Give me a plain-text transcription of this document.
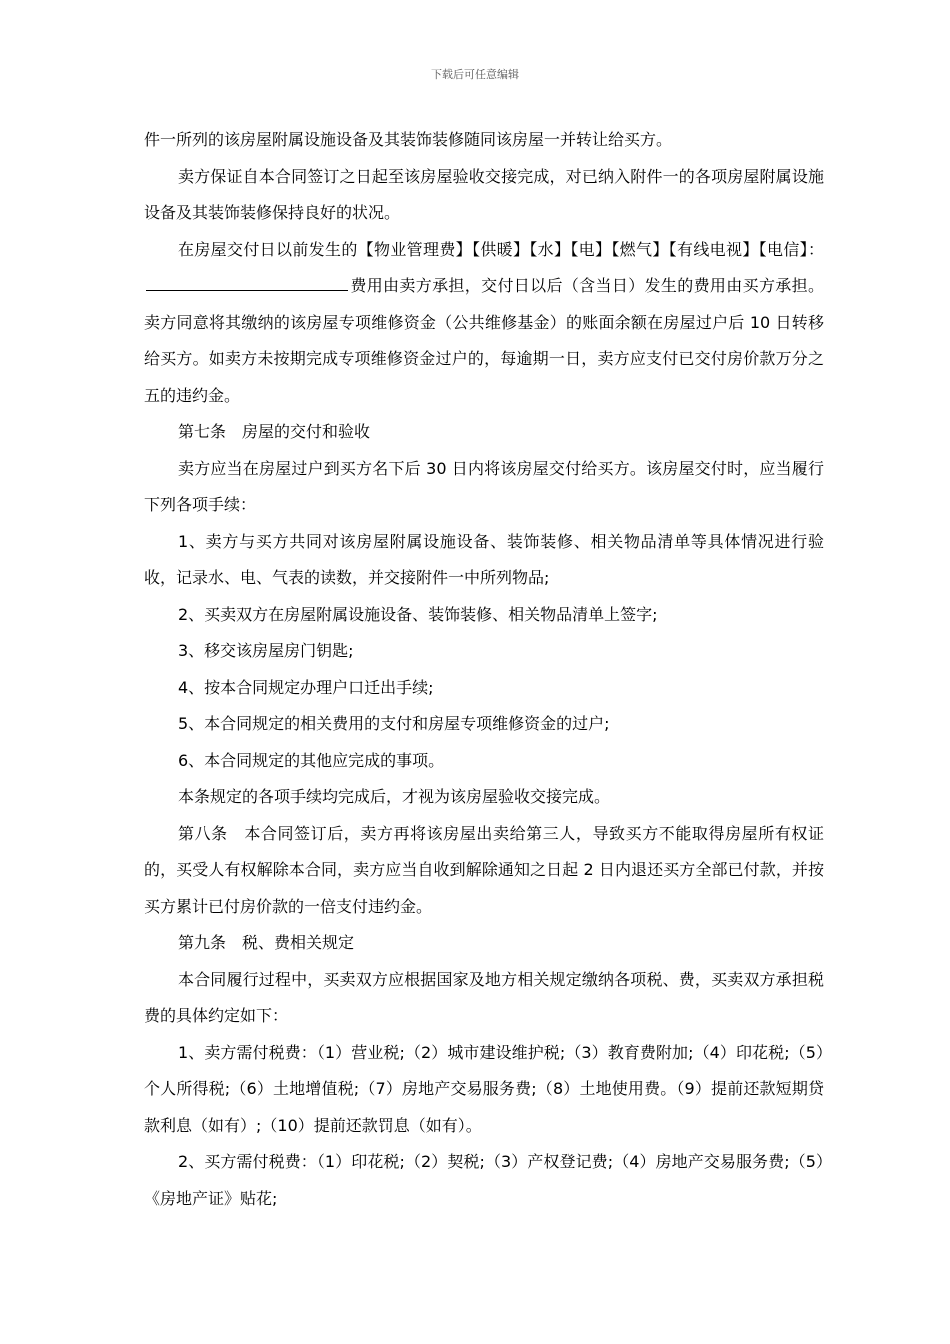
下载后可任意编辑

件一所列的该房屋附属设施设备及其装饰装修随同该房屋一并转让给买方。

卖方保证自本合同签订之日起至该房屋验收交接完成，对已纳入附件一的各项房屋附属设施设备及其装饰装修保持良好的状况。

在房屋交付日以前发生的【物业管理费】【供暖】【水】【电】【燃气】【有线电视】【电信】：费用由卖方承担，交付日以后（含当日）发生的费用由买方承担。卖方同意将其缴纳的该房屋专项维修资金（公共维修基金）的账面余额在房屋过户后 10 日转移给买方。如卖方未按期完成专项维修资金过户的，每逾期一日，卖方应支付已交付房价款万分之五的违约金。

第七条　房屋的交付和验收

卖方应当在房屋过户到买方名下后 30 日内将该房屋交付给买方。该房屋交付时，应当履行下列各项手续：

1、卖方与买方共同对该房屋附属设施设备、装饰装修、相关物品清单等具体情况进行验收，记录水、电、气表的读数，并交接附件一中所列物品;

2、买卖双方在房屋附属设施设备、装饰装修、相关物品清单上签字;

3、移交该房屋房门钥匙;

4、按本合同规定办理户口迁出手续;

5、本合同规定的相关费用的支付和房屋专项维修资金的过户;

6、本合同规定的其他应完成的事项。

本条规定的各项手续均完成后，才视为该房屋验收交接完成。

第八条　本合同签订后，卖方再将该房屋出卖给第三人，导致买方不能取得房屋所有权证的，买受人有权解除本合同，卖方应当自收到解除通知之日起 2 日内退还买方全部已付款，并按买方累计已付房价款的一倍支付违约金。

第九条　税、费相关规定

本合同履行过程中，买卖双方应根据国家及地方相关规定缴纳各项税、费，买卖双方承担税费的具体约定如下：

1、卖方需付税费：（1）营业税;（2）城市建设维护税;（3）教育费附加;（4）印花税;（5）个人所得税;（6）土地增值税;（7）房地产交易服务费;（8）土地使用费。（9）提前还款短期贷款利息（如有）;（10）提前还款罚息（如有）。

2、买方需付税费：（1）印花税;（2）契税;（3）产权登记费;（4）房地产交易服务费;（5）《房地产证》贴花;
